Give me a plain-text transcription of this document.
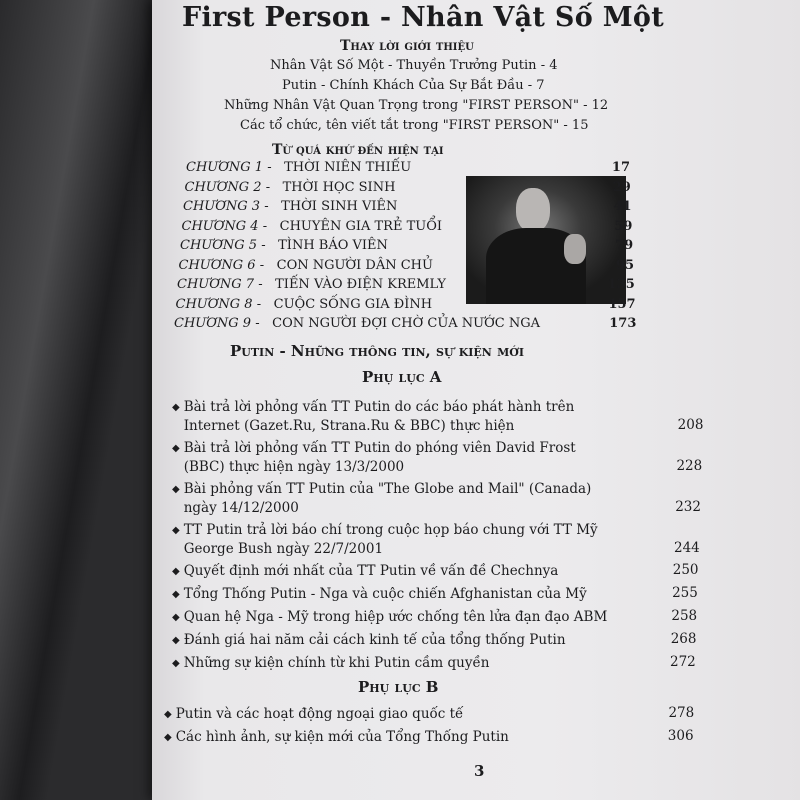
First Person - Nhân Vật Số Một
Thay lời giới thiệu
Nhân Vật Số Một - Thuyền Trưởng Putin - 4
Putin - Chính Khách Của Sự Bắt Đầu - 7
Những Nhân Vật Quan Trọng trong "FIRST PERSON" - 12
Các tổ chức, tên viết tắt trong "FIRST PERSON" - 15
Từ quá khứ đến hiện tại
CHƯƠNG 1 - THỜI NIÊN THIẾU	17
CHƯƠNG 2 - THỜI HỌC SINH	29
CHƯƠNG 3 - THỜI SINH VIÊN	41
CHƯƠNG 4 - CHUYÊN GIA TRẺ TUỔI	59
CHƯƠNG 5 - TÌNH BÁO VIÊN	79
CHƯƠNG 6 - CON NGƯỜI DÂN CHỦ	95
CHƯƠNG 7 - TIẾN VÀO ĐIỆN KREMLY	135
CHƯƠNG 8 - CUỘC SỐNG GIA ĐÌNH	157
CHƯƠNG 9 - CON NGƯỜI ĐỢI CHỜ CỦA NƯỚC NGA	173
Putin - Những thông tin, sự kiện mới
Phụ lục A
◆ Bài trả lời phỏng vấn TT Putin do các báo phát hành trên
Internet (Gazet.Ru, Strana.Ru & BBC) thực hiện	208
◆ Bài trả lời phỏng vấn TT Putin do phóng viên David Frost
(BBC) thực hiện ngày 13/3/2000	228
◆ Bài phỏng vấn TT Putin của "The Globe and Mail" (Canada)
ngày 14/12/2000	232
◆ TT Putin trả lời báo chí trong cuộc họp báo chung với TT Mỹ
George Bush ngày 22/7/2001	244
◆ Quyết định mới nhất của TT Putin về vấn đề Chechnya	250
◆ Tổng Thống Putin - Nga và cuộc chiến Afghanistan của Mỹ	255
◆ Quan hệ Nga - Mỹ trong hiệp ước chống tên lửa đạn đạo ABM	258
◆ Đánh giá hai năm cải cách kinh tế của tổng thống Putin	268
◆ Những sự kiện chính từ khi Putin cầm quyền	272
Phụ lục B
◆ Putin và các hoạt động ngoại giao quốc tế	278
◆ Các hình ảnh, sự kiện mới của Tổng Thống Putin	306
3
